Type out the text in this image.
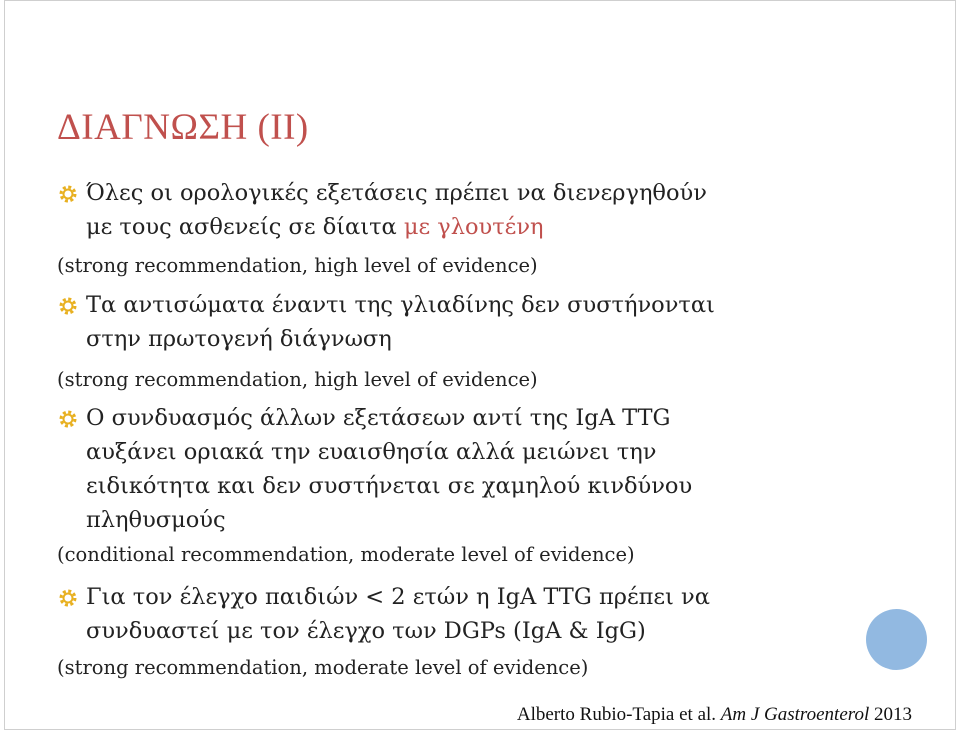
ΔΙΑΓΝΩΣΗ (ΙΙ)
Όλες οι ορολογικές εξετάσεις πρέπει να διενεργηθούν
με τους ασθενείς σε δίαιτα με γλουτένη
(strong recommendation, high level of evidence)
Τα αντισώματα έναντι της γλιαδίνης δεν συστήνονται
στην πρωτογενή διάγνωση
(strong recommendation, high level of evidence)
Ο συνδυασμός άλλων εξετάσεων αντί της IgA TTG
αυξάνει οριακά την ευαισθησία αλλά μειώνει την
ειδικότητα και δεν συστήνεται σε χαμηλού κινδύνου
πληθυσμούς
(conditional recommendation, moderate level of evidence)
Για τον έλεγχο παιδιών < 2 ετών η IgA TTG πρέπει να
συνδυαστεί με τον έλεγχο των DGPs (IgA & IgG)
(strong recommendation, moderate level of evidence)
Alberto Rubio-Tapia et al. Am J Gastroenterol 2013
